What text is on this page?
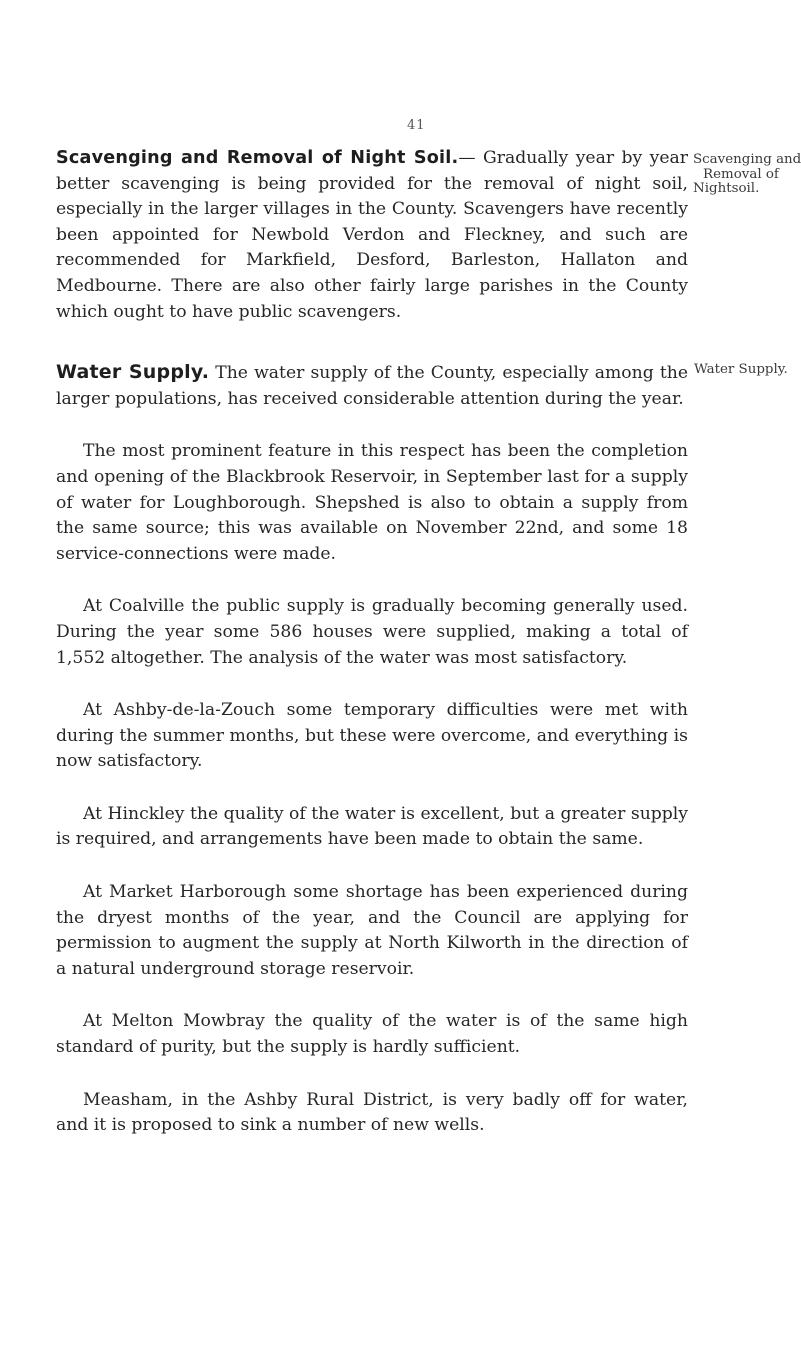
41

Scavenging and Removal of Night Soil.— Gradually year by year better scavenging is being provided for the removal of night soil, especially in the larger villages in the County. Scavengers have recently been appointed for Newbold Verdon and Fleckney, and such are recommended for Markfield, Desford, Barleston, Hallaton and Medbourne. There are also other fairly large parishes in the County which ought to have public scavengers.

Water Supply. The water supply of the County, especially among the larger populations, has received considerable attention during the year.

The most prominent feature in this respect has been the completion and opening of the Blackbrook Reservoir, in September last for a supply of water for Loughborough. Shepshed is also to obtain a supply from the same source; this was available on November 22nd, and some 18 service-connections were made.

At Coalville the public supply is gradually becoming generally used. During the year some 586 houses were supplied, making a total of 1,552 altogether. The analysis of the water was most satisfactory.

At Ashby-de-la-Zouch some temporary difficulties were met with during the summer months, but these were overcome, and everything is now satisfactory.

At Hinckley the quality of the water is excellent, but a greater supply is required, and arrangements have been made to obtain the same.

At Market Harborough some shortage has been experienced during the dryest months of the year, and the Council are applying for permission to augment the supply at North Kilworth in the direction of a natural underground storage reservoir.

At Melton Mowbray the quality of the water is of the same high standard of purity, but the supply is hardly sufficient.

Measham, in the Ashby Rural District, is very badly off for water, and it is proposed to sink a number of new wells.

Scavenging and
Removal of
Nightsoil.
Water Supply.
